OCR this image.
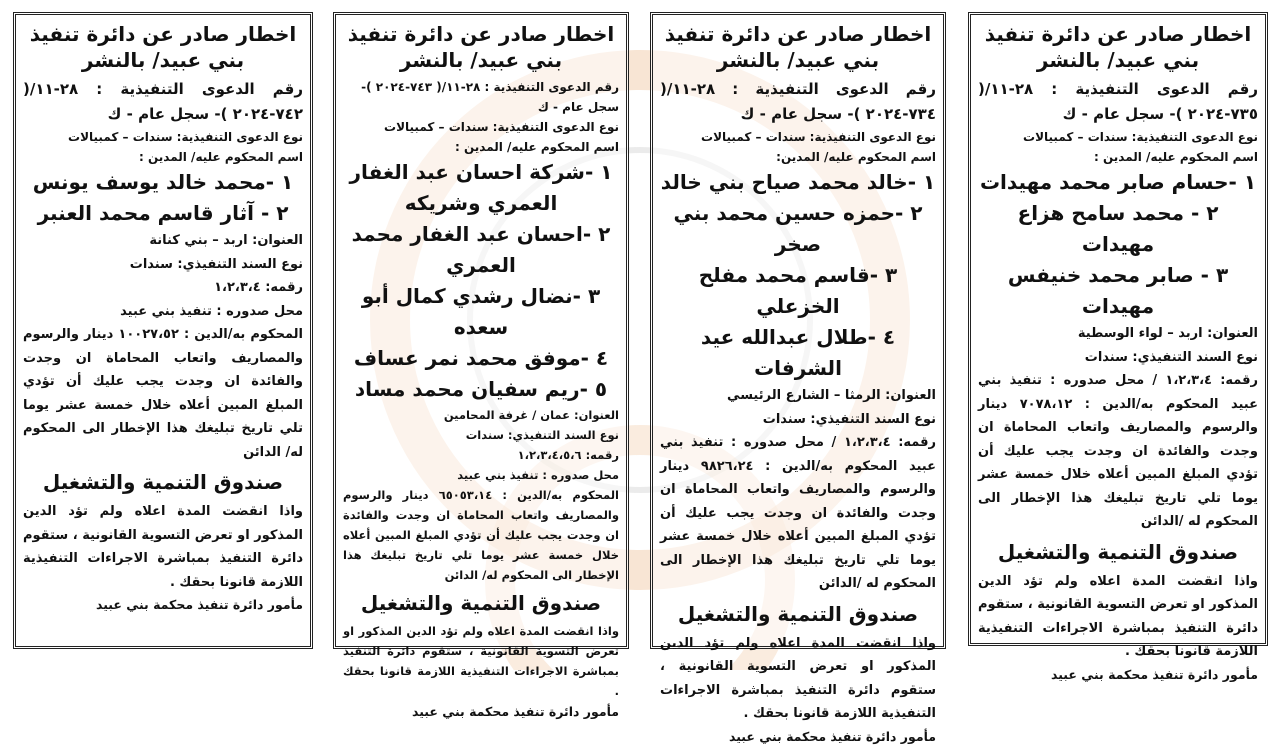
اخطار صادر عن دائرة تنفيذ بني عبيد/ بالنشر
رقم الدعوى التنفيذية : ٢٨-١١/( ٧٣٥-٢٠٢٤ )- سجل عام - ك
نوع الدعوى التنفيذية: سندات – كمبيالات
اسم المحكوم عليه/ المدين :
١ -حسام صابر محمد مهيدات
٢ - محمد سامح هزاع مهيدات
٣ - صابر محمد خنيفس مهيدات
العنوان: اربد – لواء الوسطية
نوع السند التنفيذي: سندات
رقمه: ١،٢،٣،٤ / محل صدوره : تنفيذ بني عبيد المحكوم به/الدين : ٧٠٧٨،١٢ دينار والرسوم والمصاريف واتعاب المحاماة ان وجدت والفائدة ان وجدت يجب عليك أن تؤدي المبلغ المبين أعلاه خلال خمسة عشر يوما تلي تاريخ تبليغك هذا الإخطار الى المحكوم له /الدائن
صندوق التنمية والتشغيل
واذا انقضت المدة اعلاه ولم تؤد الدين المذكور او تعرض التسوية القانونية ، ستقوم دائرة التنفيذ بمباشرة الاجراءات التنفيذية اللازمة قانونا بحقك .
مأمور دائرة تنفيذ محكمة بني عبيد
اخطار صادر عن دائرة تنفيذ بني عبيد/ بالنشر
رقم الدعوى التنفيذية : ٢٨-١١/( ٧٣٤-٢٠٢٤ )- سجل عام - ك
نوع الدعوى التنفيذية: سندات – كمبيالات
اسم المحكوم عليه/ المدين:
١ -خالد محمد صياح بني خالد
٢ -حمزه حسين محمد بني صخر
٣ -قاسم محمد مفلح الخزعلي
٤ -طلال عبدالله عيد الشرفات
العنوان: الرمثا – الشارع الرئيسي
نوع السند التنفيذي: سندات
رقمه: ١،٢،٣،٤ / محل صدوره : تنفيذ بني عبيد المحكوم به/الدين : ٩٨٢٦،٢٤ دينار والرسوم والمصاريف واتعاب المحاماة ان وجدت والفائدة ان وجدت يجب عليك أن تؤدي المبلغ المبين أعلاه خلال خمسة عشر يوما تلي تاريخ تبليغك هذا الإخطار الى المحكوم له /الدائن
صندوق التنمية والتشغيل
واذا انقضت المدة اعلاه ولم تؤد الدين المذكور او تعرض التسوية القانونية ، ستقوم دائرة التنفيذ بمباشرة الاجراءات التنفيذية اللازمة قانونا بحقك .
مأمور دائرة تنفيذ محكمة بني عبيد
اخطار صادر عن دائرة تنفيذ بني عبيد/ بالنشر
رقم الدعوى التنفيذية : ٢٨-١١/( ٧٤٣-٢٠٢٤ )- سجل عام - ك
نوع الدعوى التنفيذية: سندات – كمبيالات
اسم المحكوم عليه/ المدين :
١ -شركة احسان عبد الغفار العمري وشريكه
٢ -احسان عبد الغفار محمد العمري
٣ -نضال رشدي كمال أبو سعده
٤ -موفق محمد نمر عساف
٥ -ريم سفيان محمد مساد
العنوان: عمان / غرفة المحامين
نوع السند التنفيذي: سندات
رقمه: ١،٢،٣،٤،٥،٦
محل صدوره : تنفيذ بني عبيد
المحكوم به/الدين : ٦٥٠٥٣،١٤ دينار والرسوم والمصاريف واتعاب المحاماة ان وجدت والفائدة ان وجدت يجب عليك أن تؤدي المبلغ المبين أعلاه خلال خمسة عشر يوما تلي تاريخ تبليغك هذا الإخطار الى المحكوم له/ الدائن
صندوق التنمية والتشغيل
واذا انقضت المدة اعلاه ولم تؤد الدين المذكور او تعرض التسوية القانونية ، ستقوم دائرة التنفيذ بمباشرة الاجراءات التنفيذية اللازمة قانونا بحقك .
مأمور دائرة تنفيذ محكمة بني عبيد
اخطار صادر عن دائرة تنفيذ بني عبيد/ بالنشر
رقم الدعوى التنفيذية : ٢٨-١١/( ٧٤٢-٢٠٢٤ )- سجل عام - ك
نوع الدعوى التنفيذية: سندات – كمبيالات
اسم المحكوم عليه/ المدين :
١ -محمد خالد يوسف يونس
٢ - آثار قاسم محمد العنبر
العنوان: اربد – بني كنانة
نوع السند التنفيذي: سندات
رقمه: ١،٢،٣،٤
محل صدوره : تنفيذ بني عبيد
المحكوم به/الدين : ١٠٠٢٧،٥٢ دينار والرسوم والمصاريف واتعاب المحاماة ان وجدت والفائدة ان وجدت يجب عليك أن تؤدي المبلغ المبين أعلاه خلال خمسة عشر يوما تلي تاريخ تبليغك هذا الإخطار الى المحكوم له/ الدائن
صندوق التنمية والتشغيل
واذا انقضت المدة اعلاه ولم تؤد الدين المذكور او تعرض التسوية القانونية ، ستقوم دائرة التنفيذ بمباشرة الاجراءات التنفيذية اللازمة قانونا بحقك .
مأمور دائرة تنفيذ محكمة بني عبيد
